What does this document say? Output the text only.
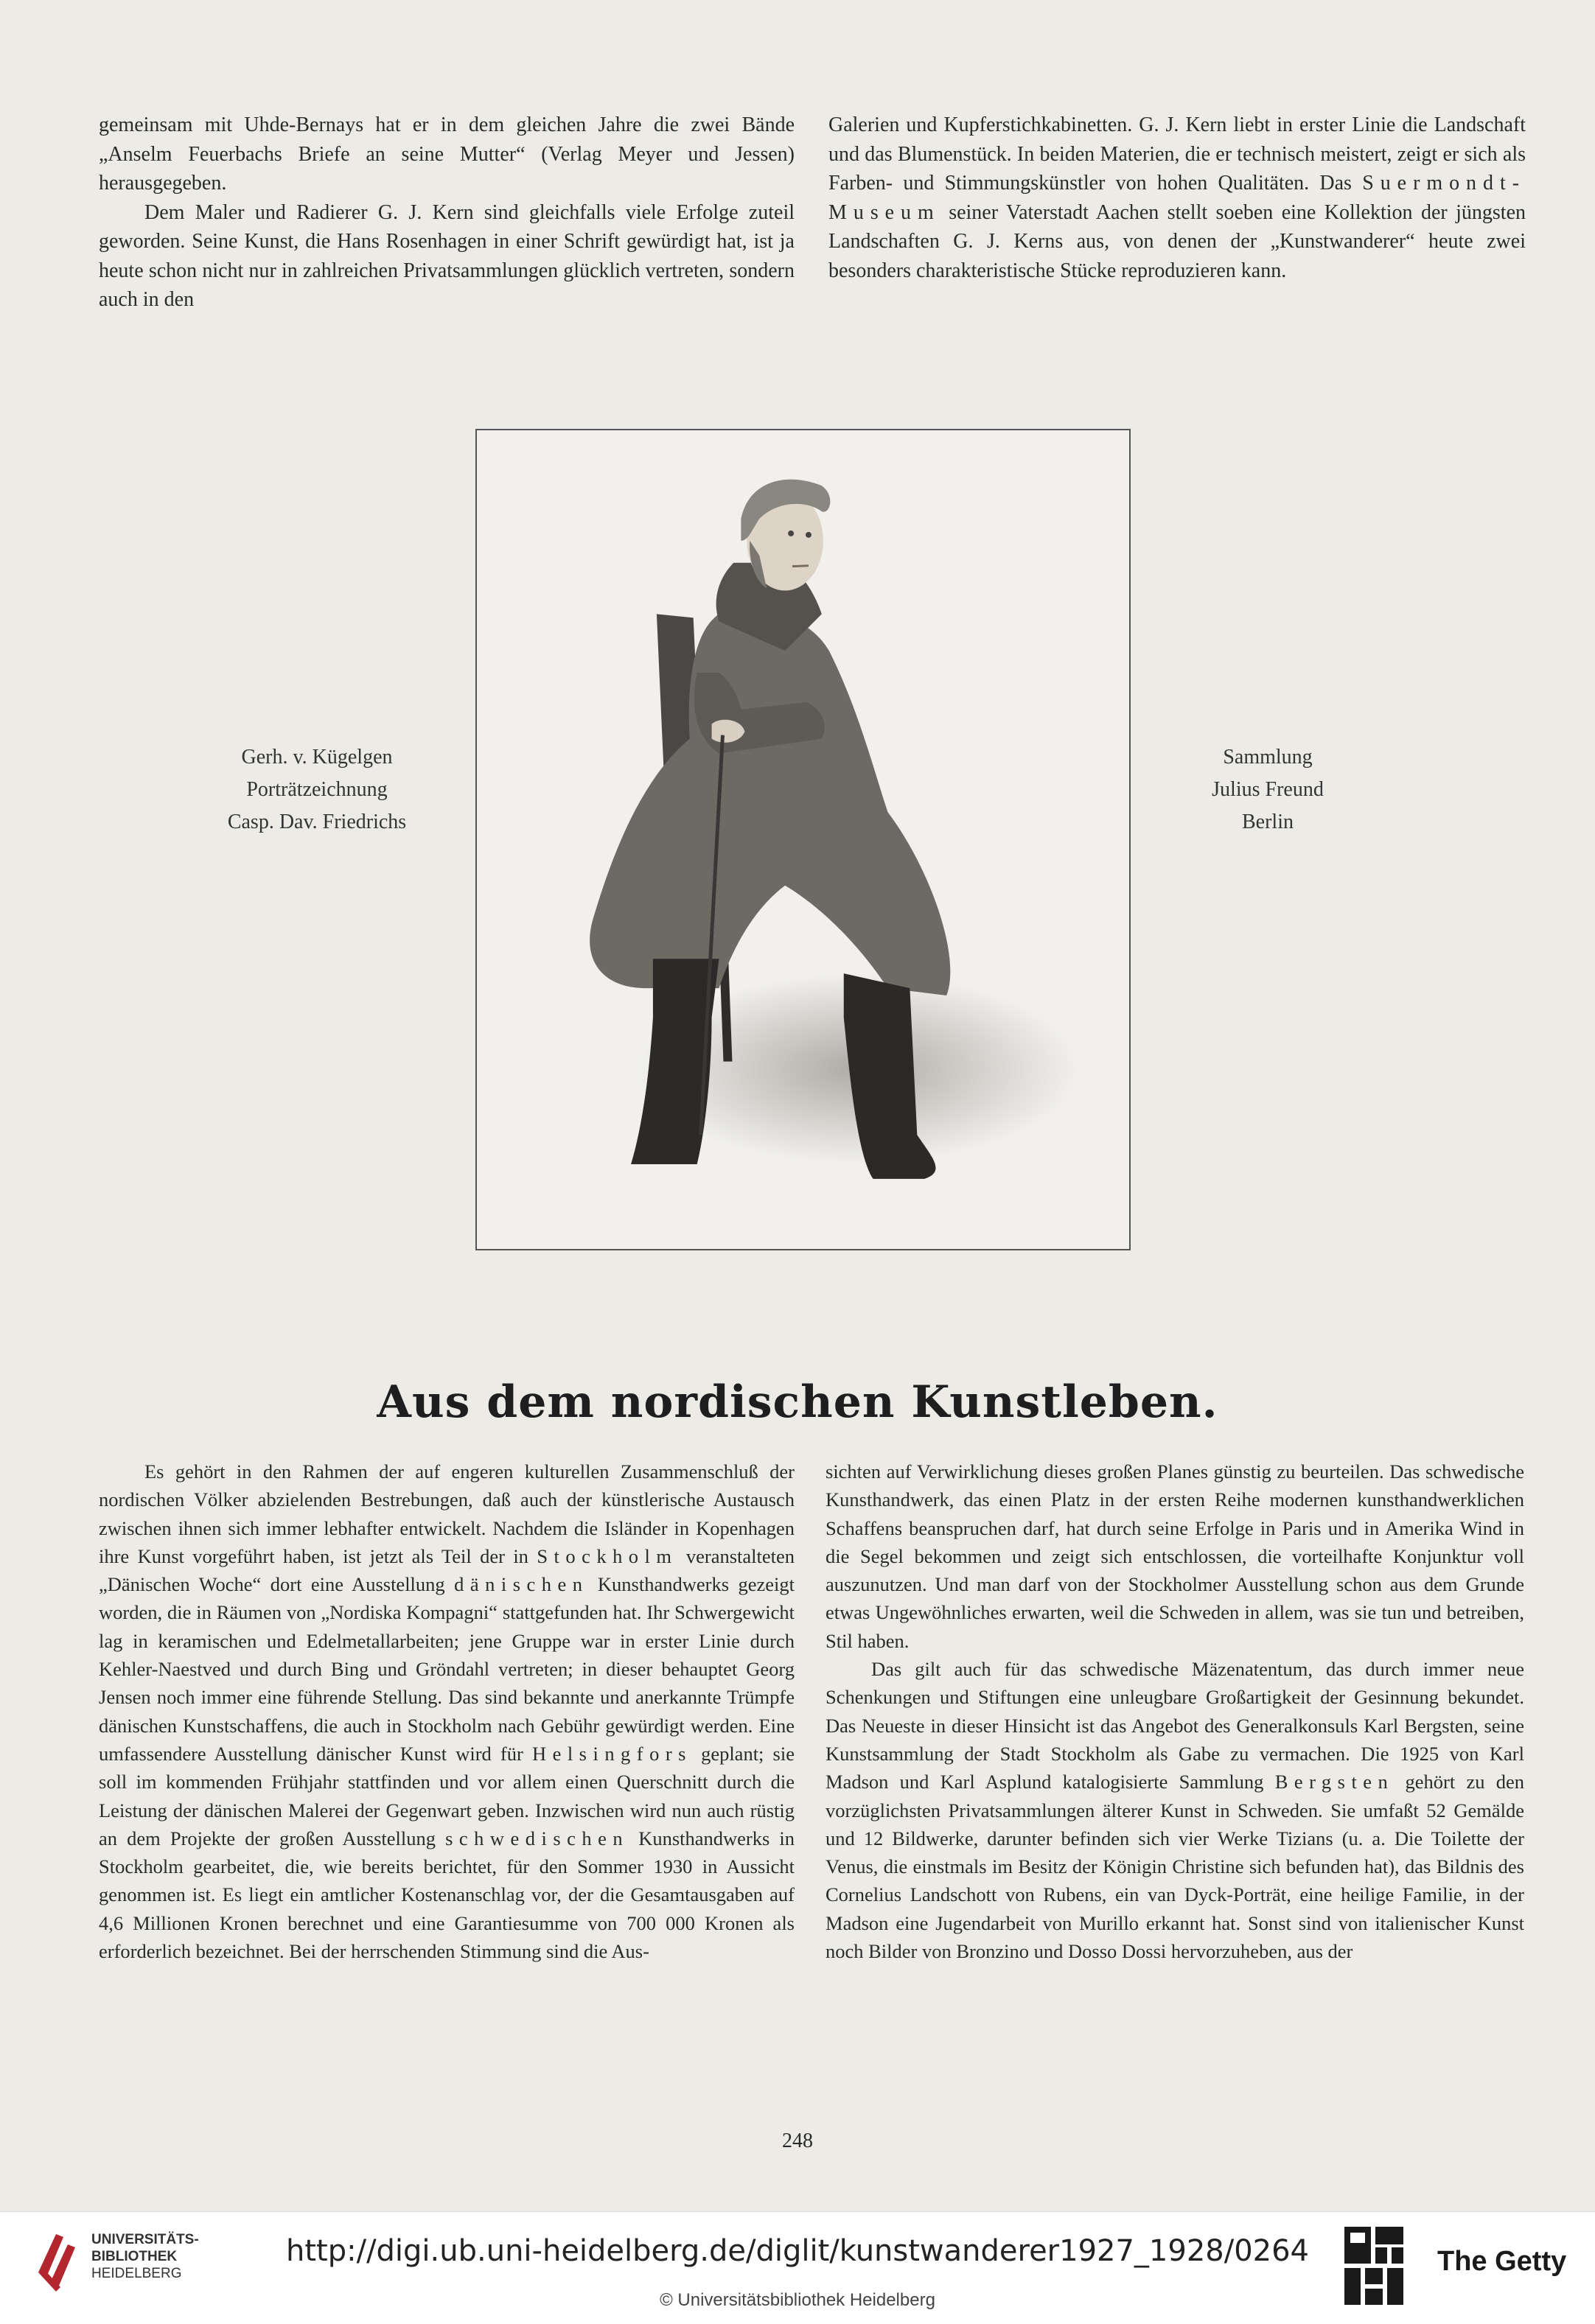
gemeinsam mit Uhde-Bernays hat er in dem gleichen Jahre die zwei Bände „Anselm Feuerbachs Briefe an seine Mutter“ (Verlag Meyer und Jessen) herausgegeben.

Dem Maler und Radierer G. J. Kern sind gleichfalls viele Erfolge zuteil geworden. Seine Kunst, die Hans Rosenhagen in einer Schrift gewürdigt hat, ist ja heute schon nicht nur in zahlreichen Privatsammlungen glücklich vertreten, sondern auch in den

Galerien und Kupferstichkabinetten. G. J. Kern liebt in erster Linie die Landschaft und das Blumenstück. In beiden Materien, die er technisch meistert, zeigt er sich als Farben- und Stimmungskünstler von hohen Qualitäten. Das Suermondt-Museum seiner Vaterstadt Aachen stellt soeben eine Kollektion der jüngsten Landschaften G. J. Kerns aus, von denen der „Kunstwanderer“ heute zwei besonders charakteristische Stücke reproduzieren kann.

Gerh. v. Kügelgen
Porträtzeichnung
Casp. Dav. Friedrichs
Sammlung
Julius Freund
Berlin
Aus dem nordischen Kunstleben.

Es gehört in den Rahmen der auf engeren kulturellen Zusammenschluß der nordischen Völker abzielenden Bestrebungen, daß auch der künstlerische Austausch zwischen ihnen sich immer lebhafter entwickelt. Nachdem die Isländer in Kopenhagen ihre Kunst vorgeführt haben, ist jetzt als Teil der in Stockholm veranstalteten „Dänischen Woche“ dort eine Ausstellung dänischen Kunsthandwerks gezeigt worden, die in Räumen von „Nordiska Kompagni“ stattgefunden hat. Ihr Schwergewicht lag in keramischen und Edelmetallarbeiten; jene Gruppe war in erster Linie durch Kehler-Naestved und durch Bing und Gröndahl vertreten; in dieser behauptet Georg Jensen noch immer eine führende Stellung. Das sind bekannte und anerkannte Trümpfe dänischen Kunstschaffens, die auch in Stockholm nach Gebühr gewürdigt werden. Eine umfassendere Ausstellung dänischer Kunst wird für Helsingfors geplant; sie soll im kommenden Frühjahr stattfinden und vor allem einen Querschnitt durch die Leistung der dänischen Malerei der Gegenwart geben. Inzwischen wird nun auch rüstig an dem Projekte der großen Ausstellung schwedischen Kunsthandwerks in Stockholm gearbeitet, die, wie bereits berichtet, für den Sommer 1930 in Aussicht genommen ist. Es liegt ein amtlicher Kostenanschlag vor, der die Gesamtausgaben auf 4,6 Millionen Kronen berechnet und eine Garantiesumme von 700 000 Kronen als erforderlich bezeichnet. Bei der herrschenden Stimmung sind die Aus-

sichten auf Verwirklichung dieses großen Planes günstig zu beurteilen. Das schwedische Kunsthandwerk, das einen Platz in der ersten Reihe modernen kunsthandwerklichen Schaffens beanspruchen darf, hat durch seine Erfolge in Paris und in Amerika Wind in die Segel bekommen und zeigt sich entschlossen, die vorteilhafte Konjunktur voll auszunutzen. Und man darf von der Stockholmer Ausstellung schon aus dem Grunde etwas Ungewöhnliches erwarten, weil die Schweden in allem, was sie tun und betreiben, Stil haben.

Das gilt auch für das schwedische Mäzenatentum, das durch immer neue Schenkungen und Stiftungen eine unleugbare Großartigkeit der Gesinnung bekundet. Das Neueste in dieser Hinsicht ist das Angebot des Generalkonsuls Karl Bergsten, seine Kunstsammlung der Stadt Stockholm als Gabe zu vermachen. Die 1925 von Karl Madson und Karl Asplund katalogisierte Sammlung Bergsten gehört zu den vorzüglichsten Privatsammlungen älterer Kunst in Schweden. Sie umfaßt 52 Gemälde und 12 Bildwerke, darunter befinden sich vier Werke Tizians (u. a. Die Toilette der Venus, die einstmals im Besitz der Königin Christine sich befunden hat), das Bildnis des Cornelius Landschott von Rubens, ein van Dyck-Porträt, eine heilige Familie, in der Madson eine Jugendarbeit von Murillo erkannt hat. Sonst sind von italienischer Kunst noch Bilder von Bronzino und Dosso Dossi hervorzuheben, aus der

248
UNIVERSITÄTS-
BIBLIOTHEK
HEIDELBERG
http://digi.ub.uni-heidelberg.de/diglit/kunstwanderer1927_1928/0264
© Universitätsbibliothek Heidelberg
The Getty
